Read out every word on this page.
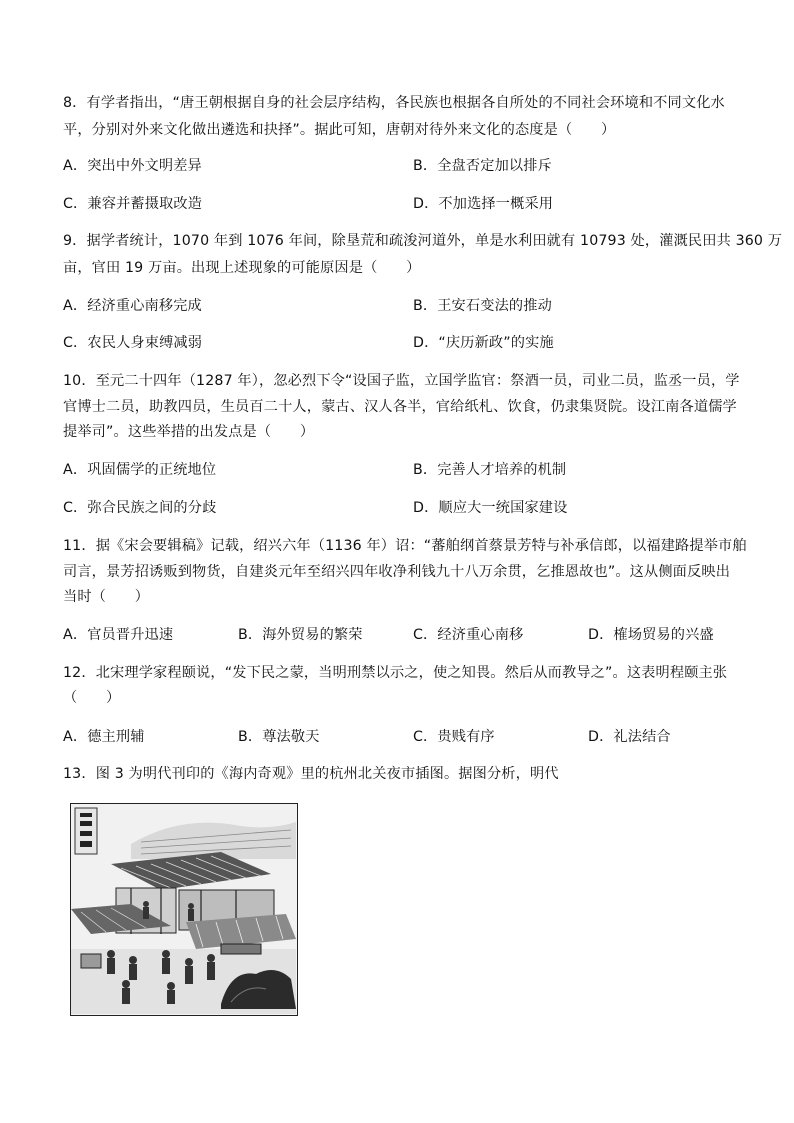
8．有学者指出，“唐王朝根据自身的社会层序结构，各民族也根据各自所处的不同社会环境和不同文化水
平，分别对外来文化做出遴选和抉择”。据此可知，唐朝对待外来文化的态度是（　　）
A．突出中外文明差异	B．全盘否定加以排斥
C．兼容并蓄摄取改造	D．不加选择一概采用
9．据学者统计，1070 年到 1076 年间，除垦荒和疏浚河道外，单是水利田就有 10793 处，灌溉民田共 360 万
亩，官田 19 万亩。出现上述现象的可能原因是（　　）
A．经济重心南移完成	B．王安石变法的推动
C．农民人身束缚减弱	D．“庆历新政”的实施
10．至元二十四年（1287 年），忽必烈下令“设国子监，立国学监官：祭酒一员，司业二员，监丞一员，学
官博士二员，助教四员，生员百二十人，蒙古、汉人各半，官给纸札、饮食，仍隶集贤院。设江南各道儒学
提举司”。这些举措的出发点是（　　）
A．巩固儒学的正统地位	B．完善人才培养的机制
C．弥合民族之间的分歧	D．顺应大一统国家建设
11．据《宋会要辑稿》记载，绍兴六年（1136 年）诏：“蕃舶纲首蔡景芳特与补承信郎，以福建路提举市舶
司言，景芳招诱贩到物货，自建炎元年至绍兴四年收净利钱九十八万余贯，乞推恩故也”。这从侧面反映出
当时（　　）
A．官员晋升迅速	B．海外贸易的繁荣	C．经济重心南移	D．榷场贸易的兴盛
12．北宋理学家程颐说，“发下民之蒙，当明刑禁以示之，使之知畏。然后从而教导之”。这表明程颐主张
（　　）
A．德主刑辅	B．尊法敬天	C．贵贱有序	D．礼法结合
13．图 3 为明代刊印的《海内奇观》里的杭州北关夜市插图。据图分析，明代
